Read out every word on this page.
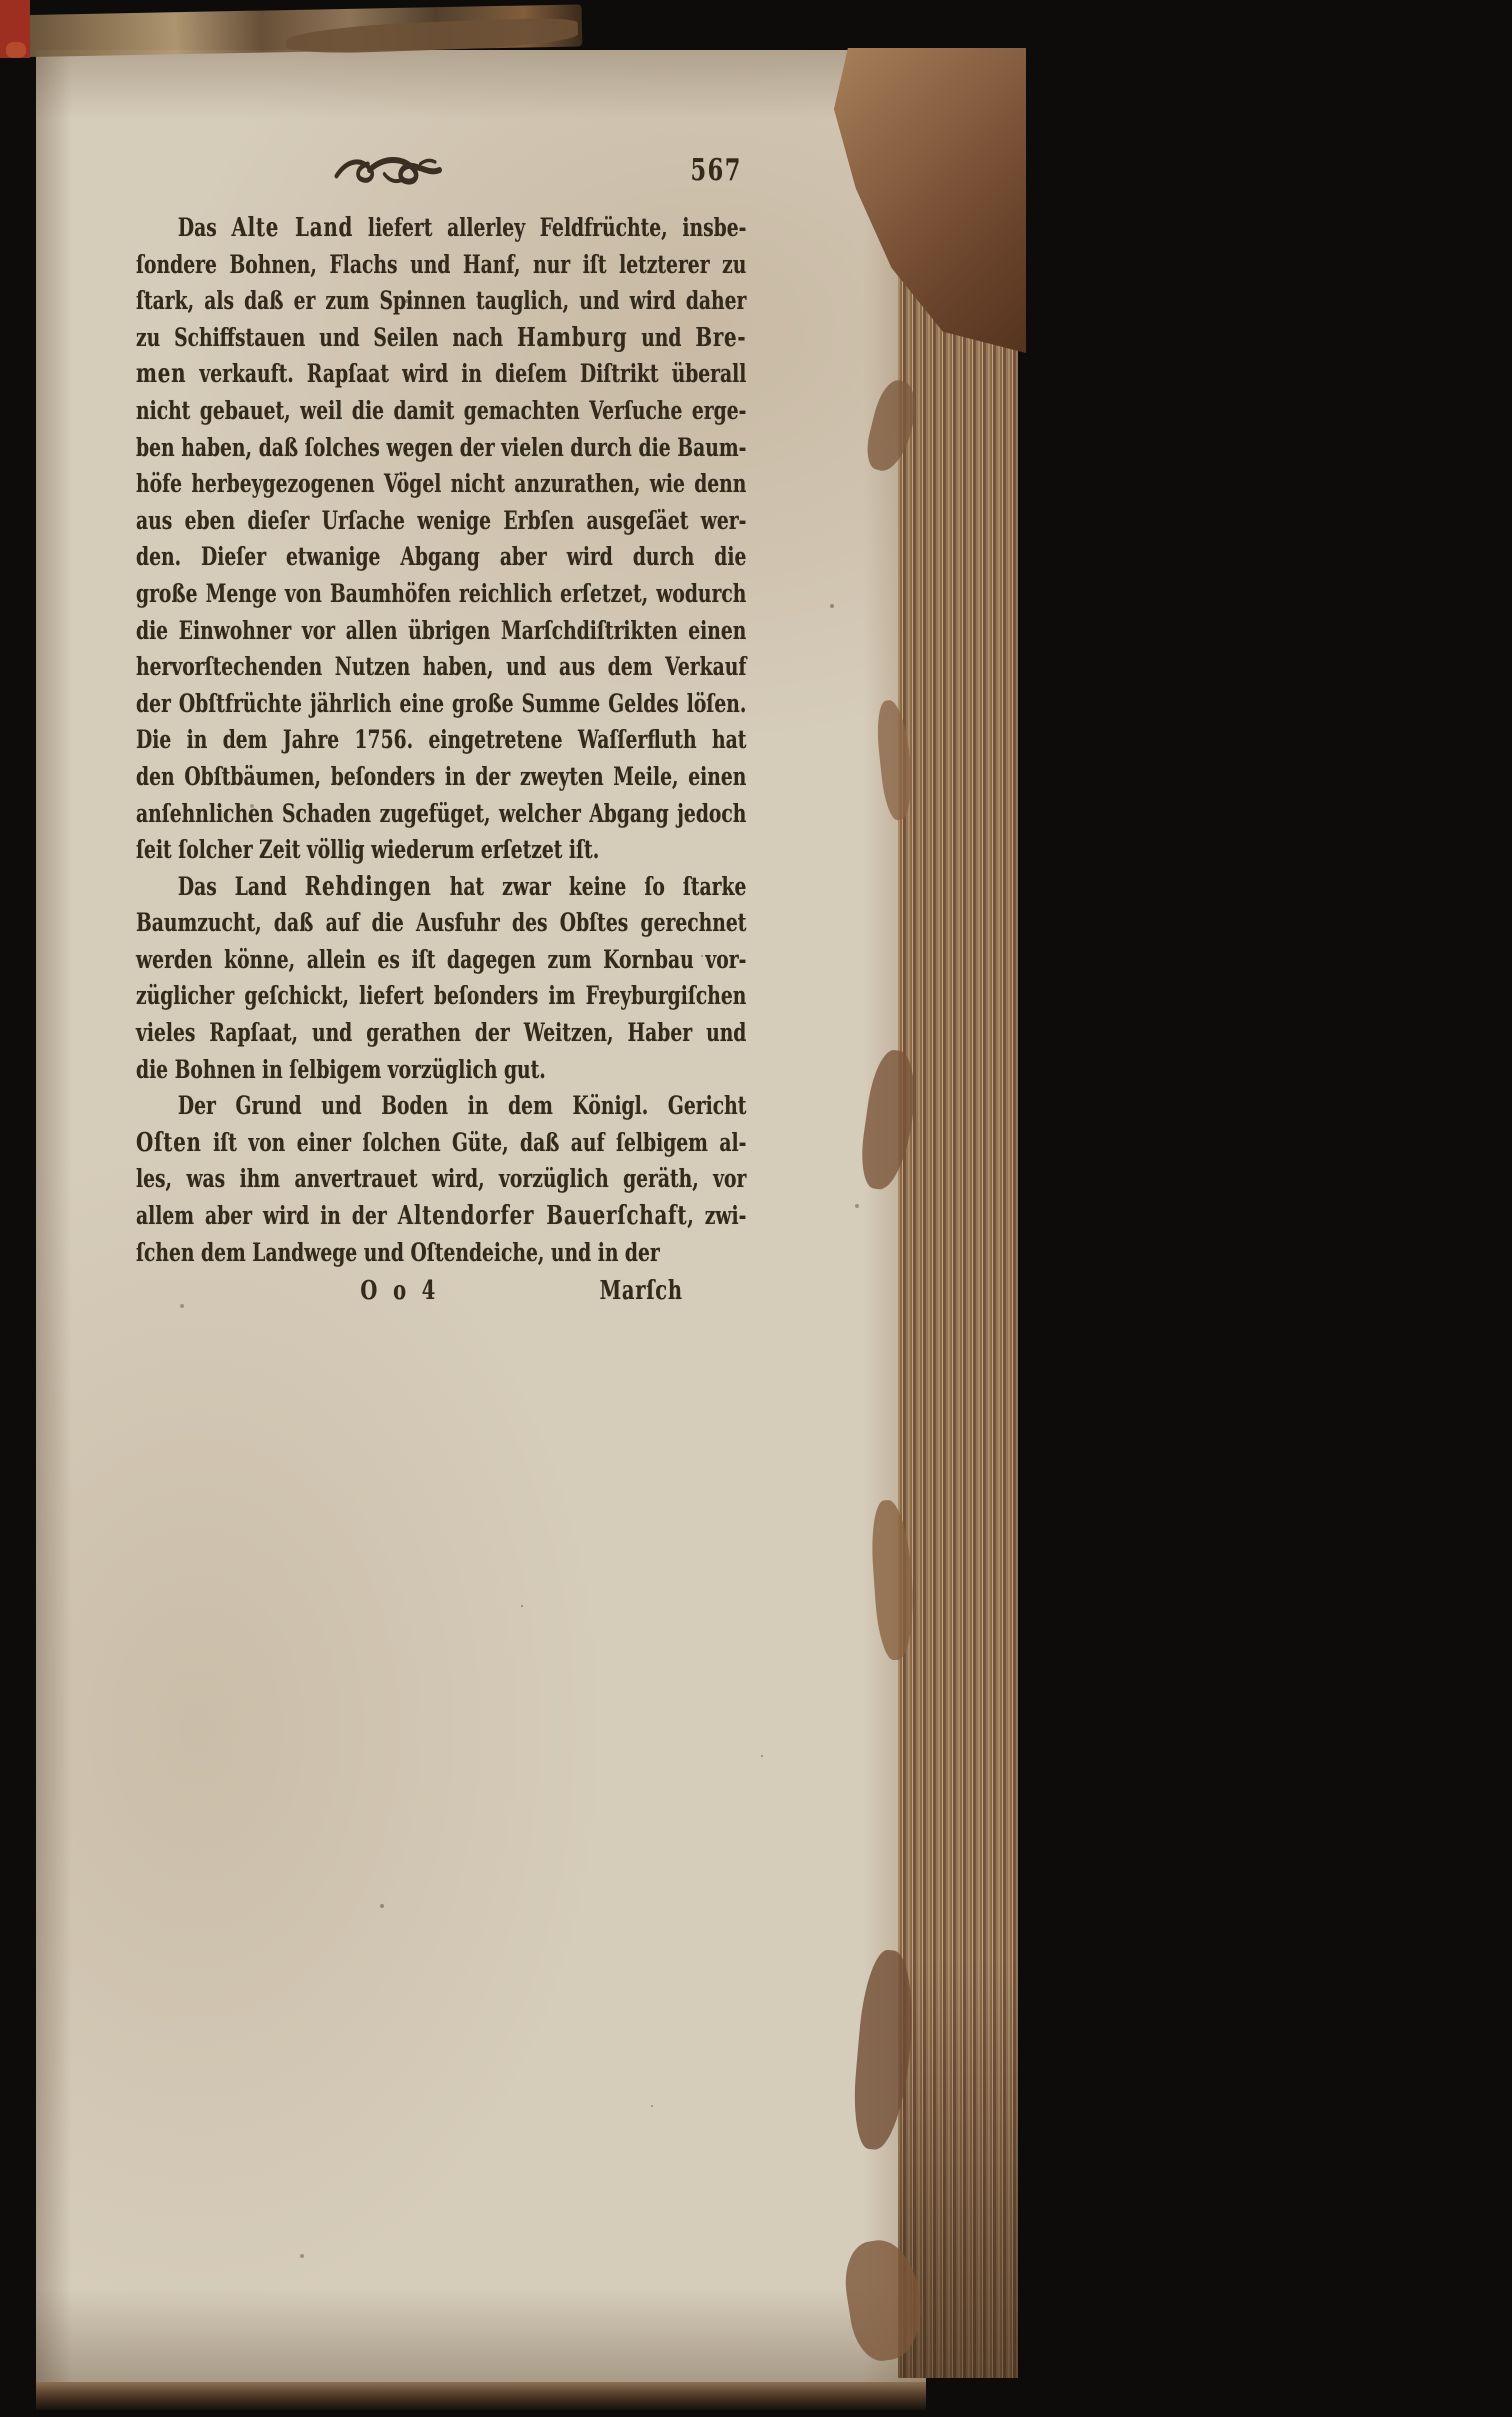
567
Das Alte Land liefert allerley Feldfrüchte, insbe-
ſondere Bohnen, Flachs und Hanf, nur iſt letzterer zu
ſtark, als daß er zum Spinnen tauglich, und wird daher
zu Schiffstauen und Seilen nach Hamburg und Bre-
men verkauft. Rapſaat wird in dieſem Diſtrikt überall
nicht gebauet, weil die damit gemachten Verſuche erge-
ben haben, daß ſolches wegen der vielen durch die Baum-
höfe herbeygezogenen Vögel nicht anzurathen, wie denn
aus eben dieſer Urſache wenige Erbſen ausgeſäet wer-
den. Dieſer etwanige Abgang aber wird durch die
große Menge von Baumhöfen reichlich erſetzet, wodurch
die Einwohner vor allen übrigen Marſchdiſtrikten einen
hervorſtechenden Nutzen haben, und aus dem Verkauf
der Obſtfrüchte jährlich eine große Summe Geldes löſen.
Die in dem Jahre 1756. eingetretene Waſſerfluth hat
den Obſtbäumen, beſonders in der zweyten Meile, einen
anſehnlichen Schaden zugefüget, welcher Abgang jedoch
ſeit ſolcher Zeit völlig wiederum erſetzet iſt.
Das Land Rehdingen hat zwar keine ſo ſtarke
Baumzucht, daß auf die Ausfuhr des Obſtes gerechnet
werden könne, allein es iſt dagegen zum Kornbau vor-
züglicher geſchickt, liefert beſonders im Freyburgiſchen
vieles Rapſaat, und gerathen der Weitzen, Haber und
die Bohnen in ſelbigem vorzüglich gut.
Der Grund und Boden in dem Königl. Gericht
Oſten iſt von einer ſolchen Güte, daß auf ſelbigem al-
les, was ihm anvertrauet wird, vorzüglich geräth, vor
allem aber wird in der Altendorfer Bauerſchaft, zwi-
ſchen dem Landwege und Oſtendeiche, und in der
O o 4	Marſch
